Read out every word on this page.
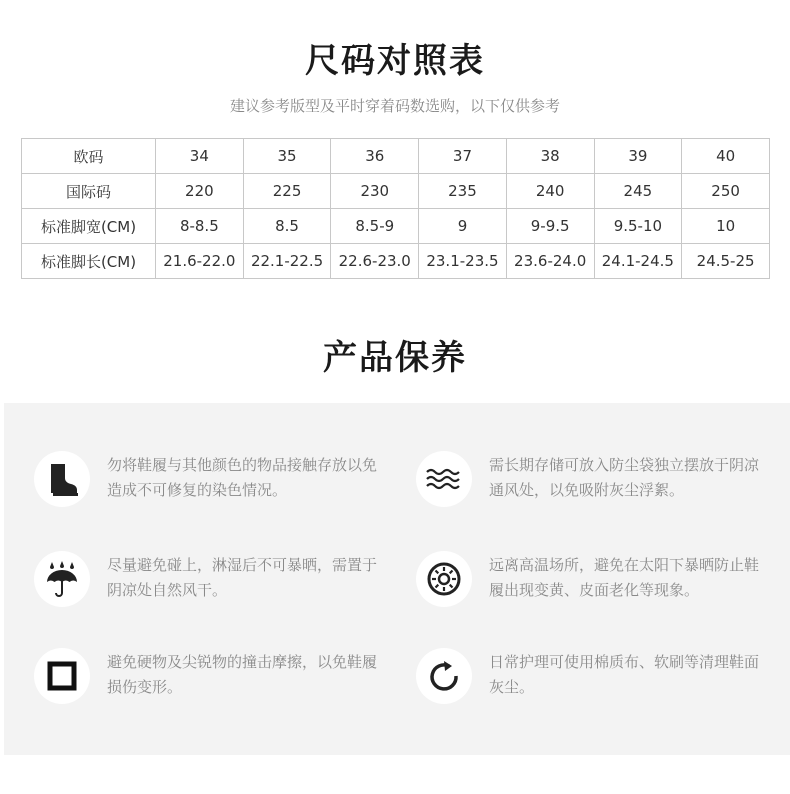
尺码对照表
建议参考版型及平时穿着码数选购，以下仅供参考
欧码	34	35	36	37	38	39	40
国际码	220	225	230	235	240	245	250
标准脚宽(CM)	8-8.5	8.5	8.5-9	9	9-9.5	9.5-10	10
标准脚长(CM)	21.6-22.0	22.1-22.5	22.6-23.0	23.1-23.5	23.6-24.0	24.1-24.5	24.5-25
产品保养
勿将鞋履与其他颜色的物品接触存放以免造成不可修复的染色情况。
需长期存储可放入防尘袋独立摆放于阴凉通风处，以免吸附灰尘浮絮。
尽量避免碰上，淋湿后不可暴晒，需置于阴凉处自然风干。
远离高温场所，避免在太阳下暴晒防止鞋履出现变黄、皮面老化等现象。
避免硬物及尖锐物的撞击摩擦，以免鞋履损伤变形。
日常护理可使用棉质布、软刷等清理鞋面灰尘。
